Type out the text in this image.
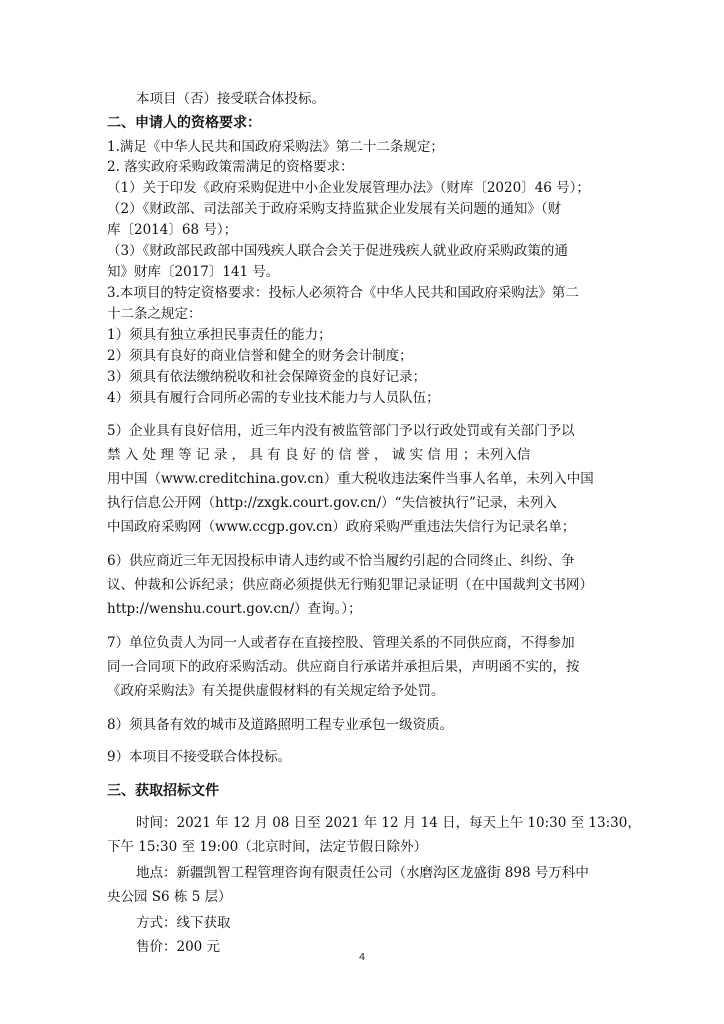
本项目（否）接受联合体投标。
二、申请人的资格要求：
1.满足《中华人民共和国政府采购法》第二十二条规定；
2. 落实政府采购政策需满足的资格要求：
（1）关于印发《政府采购促进中小企业发展管理办法》（财库〔2020〕46 号）；
（2）《财政部、司法部关于政府采购支持监狱企业发展有关问题的通知》（财
库〔2014〕68 号）；
（3）《财政部民政部中国残疾人联合会关于促进残疾人就业政府采购政策的通
知》财库〔2017〕141 号。
3.本项目的特定资格要求：投标人必须符合《中华人民共和国政府采购法》第二
十二条之规定：
1）须具有独立承担民事责任的能力；
2）须具有良好的商业信誉和健全的财务会计制度；
3）须具有依法缴纳税收和社会保障资金的良好记录；
4）须具有履行合同所必需的专业技术能力与人员队伍；
5）企业具有良好信用，近三年内没有被监管部门予以行政处罚或有关部门予以
禁 入 处 理 等 记 录 ， 具 有 良 好 的 信 誉 ， 诚 实 信 用 ；未列入信
用中国（www.creditchina.gov.cn）重大税收违法案件当事人名单，未列入中国
执行信息公开网（http://zxgk.court.gov.cn/）“失信被执行”记录，未列入
中国政府采购网（www.ccgp.gov.cn）政府采购严重违法失信行为记录名单；
6）供应商近三年无因投标申请人违约或不恰当履约引起的合同终止、纠纷、争
议、仲裁和公诉纪录；供应商必须提供无行贿犯罪记录证明（在中国裁判文书网）
http://wenshu.court.gov.cn/）查询。）；
7）单位负责人为同一人或者存在直接控股、管理关系的不同供应商，不得参加
同一合同项下的政府采购活动。供应商自行承诺并承担后果，声明函不实的，按
《政府采购法》有关提供虚假材料的有关规定给予处罚。
8）须具备有效的城市及道路照明工程专业承包一级资质。
9）本项目不接受联合体投标。
三、获取招标文件
时间：2021 年 12 月 08 日至 2021 年 12 月 14 日，每天上午 10:30 至 13:30，
下午 15:30 至 19:00（北京时间，法定节假日除外）
地点：新疆凯智工程管理咨询有限责任公司（水磨沟区龙盛街 898 号万科中
央公园 S6 栋 5 层）
方式：线下获取
售价：200 元
4
